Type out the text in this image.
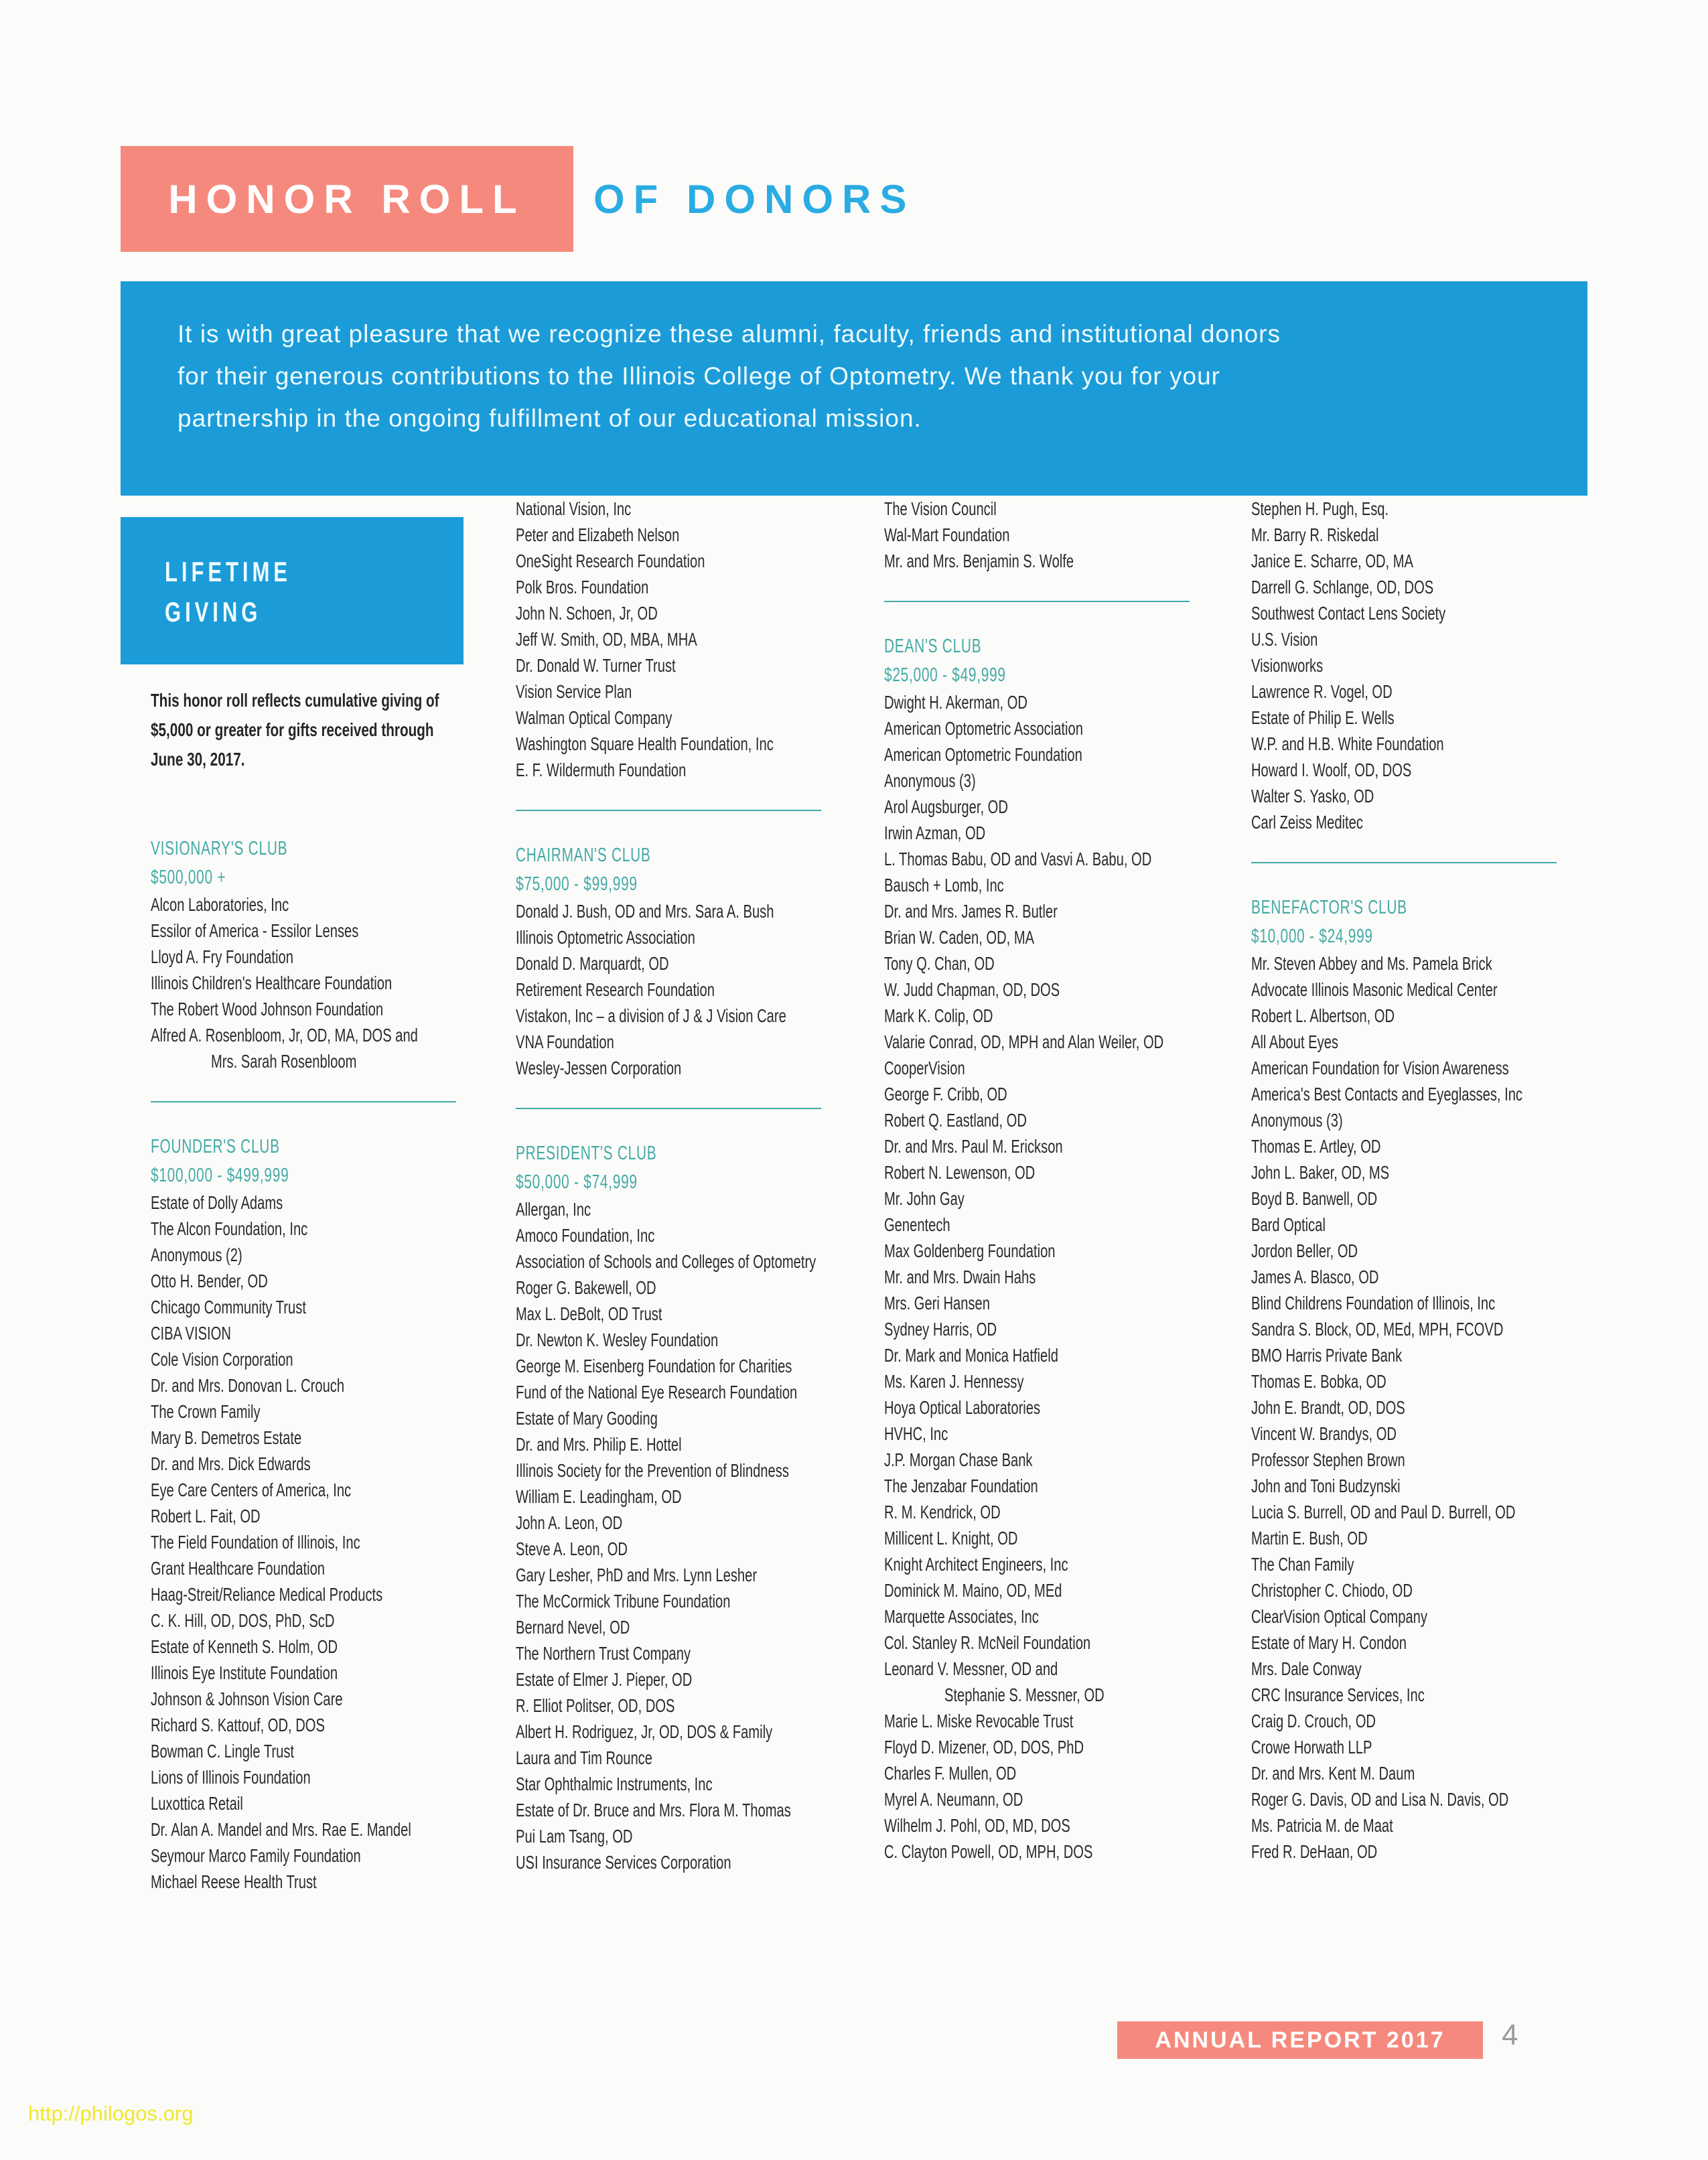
HONOR ROLL OF DONORS
It is with great pleasure that we recognize these alumni, faculty, friends and institutional donors
for their generous contributions to the Illinois College of Optometry. We thank you for your
partnership in the ongoing fulfillment of our educational mission.
LIFETIME
GIVING
This honor roll reflects cumulative giving of
$5,000 or greater for gifts received through
June 30, 2017.
VISIONARY'S CLUB
$500,000 +
Alcon Laboratories, Inc
Essilor of America - Essilor Lenses
Lloyd A. Fry Foundation
Illinois Children's Healthcare Foundation
The Robert Wood Johnson Foundation
Alfred A. Rosenbloom, Jr, OD, MA, DOS and
Mrs. Sarah Rosenbloom
FOUNDER'S CLUB
$100,000 - $499,999
Estate of Dolly Adams
The Alcon Foundation, Inc
Anonymous (2)
Otto H. Bender, OD
Chicago Community Trust
CIBA VISION
Cole Vision Corporation
Dr. and Mrs. Donovan L. Crouch
The Crown Family
Mary B. Demetros Estate
Dr. and Mrs. Dick Edwards
Eye Care Centers of America, Inc
Robert L. Fait, OD
The Field Foundation of Illinois, Inc
Grant Healthcare Foundation
Haag-Streit/Reliance Medical Products
C. K. Hill, OD, DOS, PhD, ScD
Estate of Kenneth S. Holm, OD
Illinois Eye Institute Foundation
Johnson & Johnson Vision Care
Richard S. Kattouf, OD, DOS
Bowman C. Lingle Trust
Lions of Illinois Foundation
Luxottica Retail
Dr. Alan A. Mandel and Mrs. Rae E. Mandel
Seymour Marco Family Foundation
Michael Reese Health Trust
National Vision, Inc
Peter and Elizabeth Nelson
OneSight Research Foundation
Polk Bros. Foundation
John N. Schoen, Jr, OD
Jeff W. Smith, OD, MBA, MHA
Dr. Donald W. Turner Trust
Vision Service Plan
Walman Optical Company
Washington Square Health Foundation, Inc
E. F. Wildermuth Foundation
CHAIRMAN'S CLUB
$75,000 - $99,999
Donald J. Bush, OD and Mrs. Sara A. Bush
Illinois Optometric Association
Donald D. Marquardt, OD
Retirement Research Foundation
Vistakon, Inc – a division of J & J Vision Care
VNA Foundation
Wesley-Jessen Corporation
PRESIDENT'S CLUB
$50,000 - $74,999
Allergan, Inc
Amoco Foundation, Inc
Association of Schools and Colleges of Optometry
Roger G. Bakewell, OD
Max L. DeBolt, OD Trust
Dr. Newton K. Wesley Foundation
George M. Eisenberg Foundation for Charities
Fund of the National Eye Research Foundation
Estate of Mary Gooding
Dr. and Mrs. Philip E. Hottel
Illinois Society for the Prevention of Blindness
William E. Leadingham, OD
John A. Leon, OD
Steve A. Leon, OD
Gary Lesher, PhD and Mrs. Lynn Lesher
The McCormick Tribune Foundation
Bernard Nevel, OD
The Northern Trust Company
Estate of Elmer J. Pieper, OD
R. Elliot Politser, OD, DOS
Albert H. Rodriguez, Jr, OD, DOS & Family
Laura and Tim Rounce
Star Ophthalmic Instruments, Inc
Estate of Dr. Bruce and Mrs. Flora M. Thomas
Pui Lam Tsang, OD
USI Insurance Services Corporation
The Vision Council
Wal-Mart Foundation
Mr. and Mrs. Benjamin S. Wolfe
DEAN'S CLUB
$25,000 - $49,999
Dwight H. Akerman, OD
American Optometric Association
American Optometric Foundation
Anonymous (3)
Arol Augsburger, OD
Irwin Azman, OD
L. Thomas Babu, OD and Vasvi A. Babu, OD
Bausch + Lomb, Inc
Dr. and Mrs. James R. Butler
Brian W. Caden, OD, MA
Tony Q. Chan, OD
W. Judd Chapman, OD, DOS
Mark K. Colip, OD
Valarie Conrad, OD, MPH and Alan Weiler, OD
CooperVision
George F. Cribb, OD
Robert Q. Eastland, OD
Dr. and Mrs. Paul M. Erickson
Robert N. Lewenson, OD
Mr. John Gay
Genentech
Max Goldenberg Foundation
Mr. and Mrs. Dwain Hahs
Mrs. Geri Hansen
Sydney Harris, OD
Dr. Mark and Monica Hatfield
Ms. Karen J. Hennessy
Hoya Optical Laboratories
HVHC, Inc
J.P. Morgan Chase Bank
The Jenzabar Foundation
R. M. Kendrick, OD
Millicent L. Knight, OD
Knight Architect Engineers, Inc
Dominick M. Maino, OD, MEd
Marquette Associates, Inc
Col. Stanley R. McNeil Foundation
Leonard V. Messner, OD and
Stephanie S. Messner, OD
Marie L. Miske Revocable Trust
Floyd D. Mizener, OD, DOS, PhD
Charles F. Mullen, OD
Myrel A. Neumann, OD
Wilhelm J. Pohl, OD, MD, DOS
C. Clayton Powell, OD, MPH, DOS
Stephen H. Pugh, Esq.
Mr. Barry R. Riskedal
Janice E. Scharre, OD, MA
Darrell G. Schlange, OD, DOS
Southwest Contact Lens Society
U.S. Vision
Visionworks
Lawrence R. Vogel, OD
Estate of Philip E. Wells
W.P. and H.B. White Foundation
Howard I. Woolf, OD, DOS
Walter S. Yasko, OD
Carl Zeiss Meditec
BENEFACTOR'S CLUB
$10,000 - $24,999
Mr. Steven Abbey and Ms. Pamela Brick
Advocate Illinois Masonic Medical Center
Robert L. Albertson, OD
All About Eyes
American Foundation for Vision Awareness
America's Best Contacts and Eyeglasses, Inc
Anonymous (3)
Thomas E. Artley, OD
John L. Baker, OD, MS
Boyd B. Banwell, OD
Bard Optical
Jordon Beller, OD
James A. Blasco, OD
Blind Childrens Foundation of Illinois, Inc
Sandra S. Block, OD, MEd, MPH, FCOVD
BMO Harris Private Bank
Thomas E. Bobka, OD
John E. Brandt, OD, DOS
Vincent W. Brandys, OD
Professor Stephen Brown
John and Toni Budzynski
Lucia S. Burrell, OD and Paul D. Burrell, OD
Martin E. Bush, OD
The Chan Family
Christopher C. Chiodo, OD
ClearVision Optical Company
Estate of Mary H. Condon
Mrs. Dale Conway
CRC Insurance Services, Inc
Craig D. Crouch, OD
Crowe Horwath LLP
Dr. and Mrs. Kent M. Daum
Roger G. Davis, OD and Lisa N. Davis, OD
Ms. Patricia M. de Maat
Fred R. DeHaan, OD
ANNUAL REPORT 2017 4
http://philogos.org
